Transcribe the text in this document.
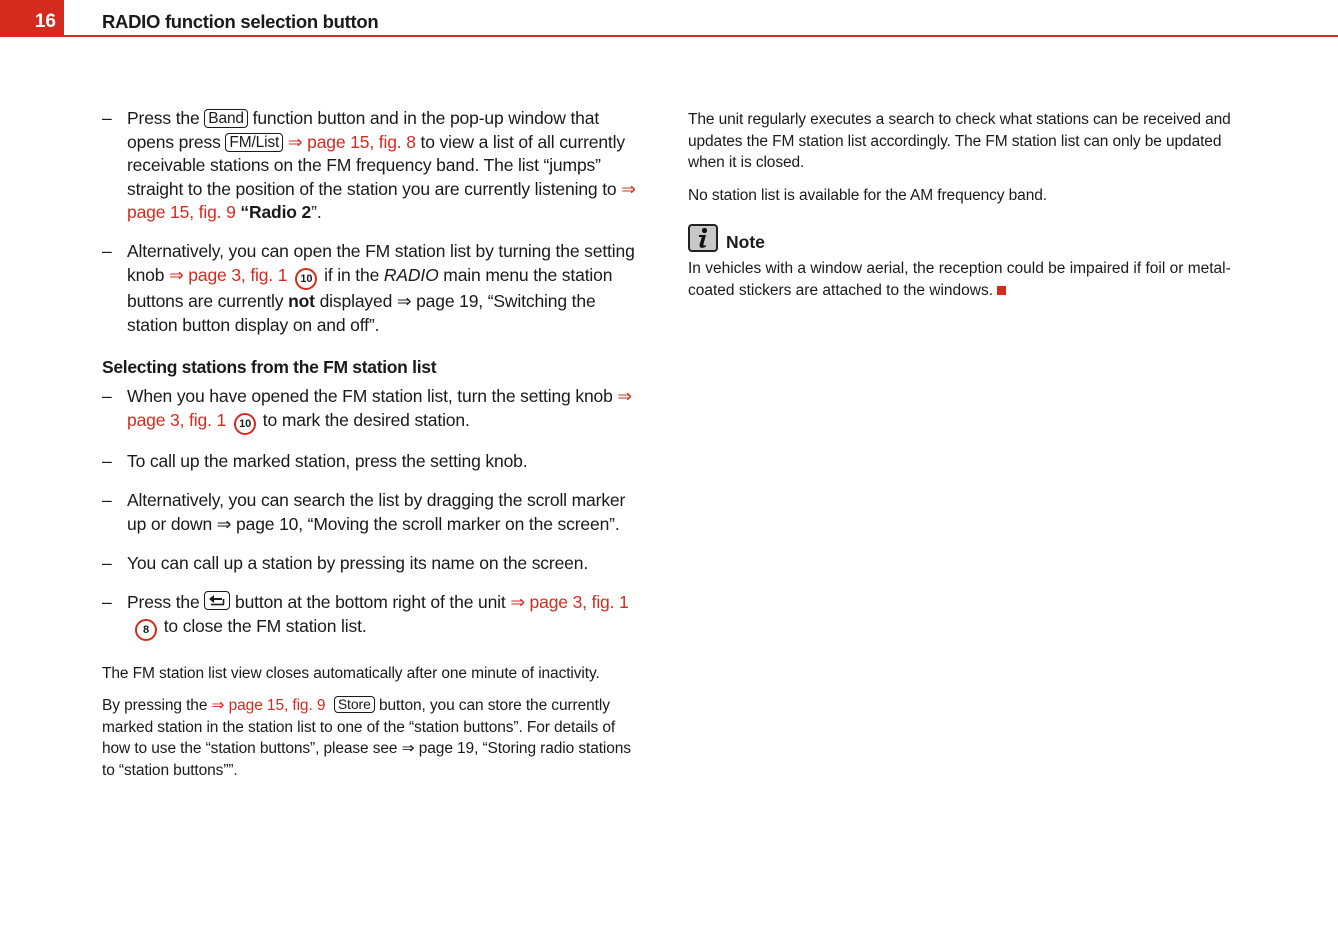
16	RADIO function selection button
– Press the Band function button and in the pop-up window that opens press FM/List ⇒ page 15, fig. 8 to view a list of all currently receivable stations on the FM frequency band. The list “jumps” straight to the position of the station you are currently listening to ⇒ page 15, fig. 9 “Radio 2”.
– Alternatively, you can open the FM station list by turning the setting knob ⇒ page 3, fig. 1 10 if in the RADIO main menu the station buttons are currently not displayed ⇒ page 19, “Switching the station button display on and off”.
Selecting stations from the FM station list
– When you have opened the FM station list, turn the setting knob ⇒ page 3, fig. 1 10 to mark the desired station.
– To call up the marked station, press the setting knob.
– Alternatively, you can search the list by dragging the scroll marker up or down ⇒ page 10, “Moving the scroll marker on the screen”.
– You can call up a station by pressing its name on the screen.
– Press the
button at the bottom right of the unit ⇒ page 3, fig. 18 to close the FM station list.
The FM station list view closes automatically after one minute of inactivity.
By pressing the ⇒ page 15, fig. 9 Store button, you can store the currently marked station in the station list to one of the “station buttons”. For details of how to use the “station buttons”, please see ⇒ page 19, “Storing radio stations to “station buttons””.
The unit regularly executes a search to check what stations can be received and updates the FM station list accordingly. The FM station list can only be updated when it is closed.
No station list is available for the AM frequency band.
Note
In vehicles with a window aerial, the reception could be impaired if foil or metal-coated stickers are attached to the windows.
